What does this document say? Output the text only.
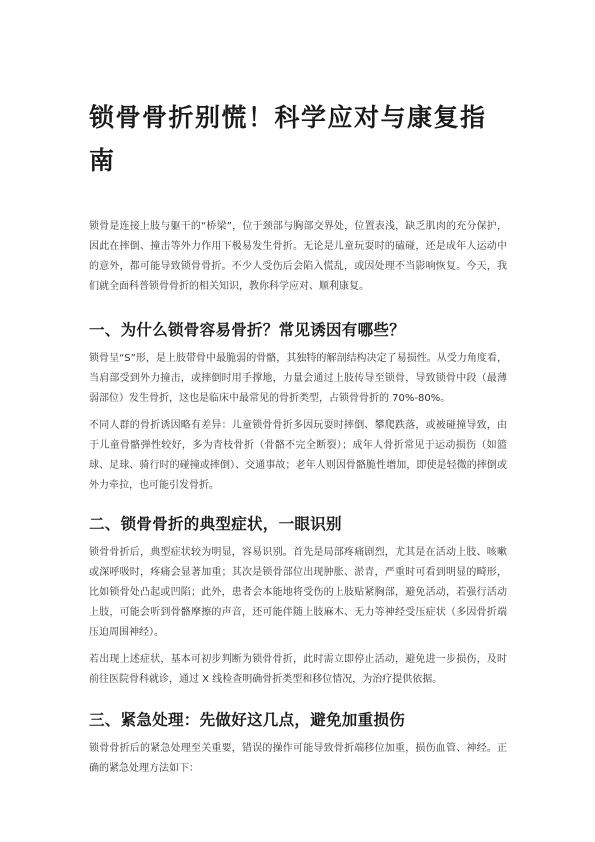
锁骨骨折别慌！科学应对与康复指南

锁骨是连接上肢与躯干的“桥梁”，位于颈部与胸部交界处，位置表浅，缺乏肌肉的充分保护，因此在摔倒、撞击等外力作用下极易发生骨折。无论是儿童玩耍时的磕碰，还是成年人运动中的意外，都可能导致锁骨骨折。不少人受伤后会陷入慌乱，或因处理不当影响恢复。今天，我们就全面科普锁骨骨折的相关知识，教你科学应对、顺利康复。

一、为什么锁骨容易骨折？常见诱因有哪些？

锁骨呈“S”形，是上肢带骨中最脆弱的骨骼，其独特的解剖结构决定了易损性。从受力角度看，当肩部受到外力撞击，或摔倒时用手撑地，力量会通过上肢传导至锁骨，导致锁骨中段（最薄弱部位）发生骨折，这也是临床中最常见的骨折类型，占锁骨骨折的 70%-80%。

不同人群的骨折诱因略有差异：儿童锁骨骨折多因玩耍时摔倒、攀爬跌落，或被碰撞导致，由于儿童骨骼弹性较好，多为青枝骨折（骨骼不完全断裂）；成年人骨折常见于运动损伤（如篮球、足球、骑行时的碰撞或摔倒）、交通事故；老年人则因骨骼脆性增加，即使是轻微的摔倒或外力牵拉，也可能引发骨折。

二、锁骨骨折的典型症状，一眼识别

锁骨骨折后，典型症状较为明显，容易识别。首先是局部疼痛剧烈，尤其是在活动上肢、咳嗽或深呼吸时，疼痛会显著加重；其次是锁骨部位出现肿胀、淤青，严重时可看到明显的畸形，比如锁骨处凸起或凹陷；此外，患者会本能地将受伤的上肢贴紧胸部，避免活动，若强行活动上肢，可能会听到骨骼摩擦的声音，还可能伴随上肢麻木、无力等神经受压症状（多因骨折端压迫周围神经）。

若出现上述症状，基本可初步判断为锁骨骨折，此时需立即停止活动，避免进一步损伤，及时前往医院骨科就诊，通过 X 线检查明确骨折类型和移位情况，为治疗提供依据。

三、紧急处理：先做好这几点，避免加重损伤

锁骨骨折后的紧急处理至关重要，错误的操作可能导致骨折端移位加重，损伤血管、神经。正确的紧急处理方法如下：
